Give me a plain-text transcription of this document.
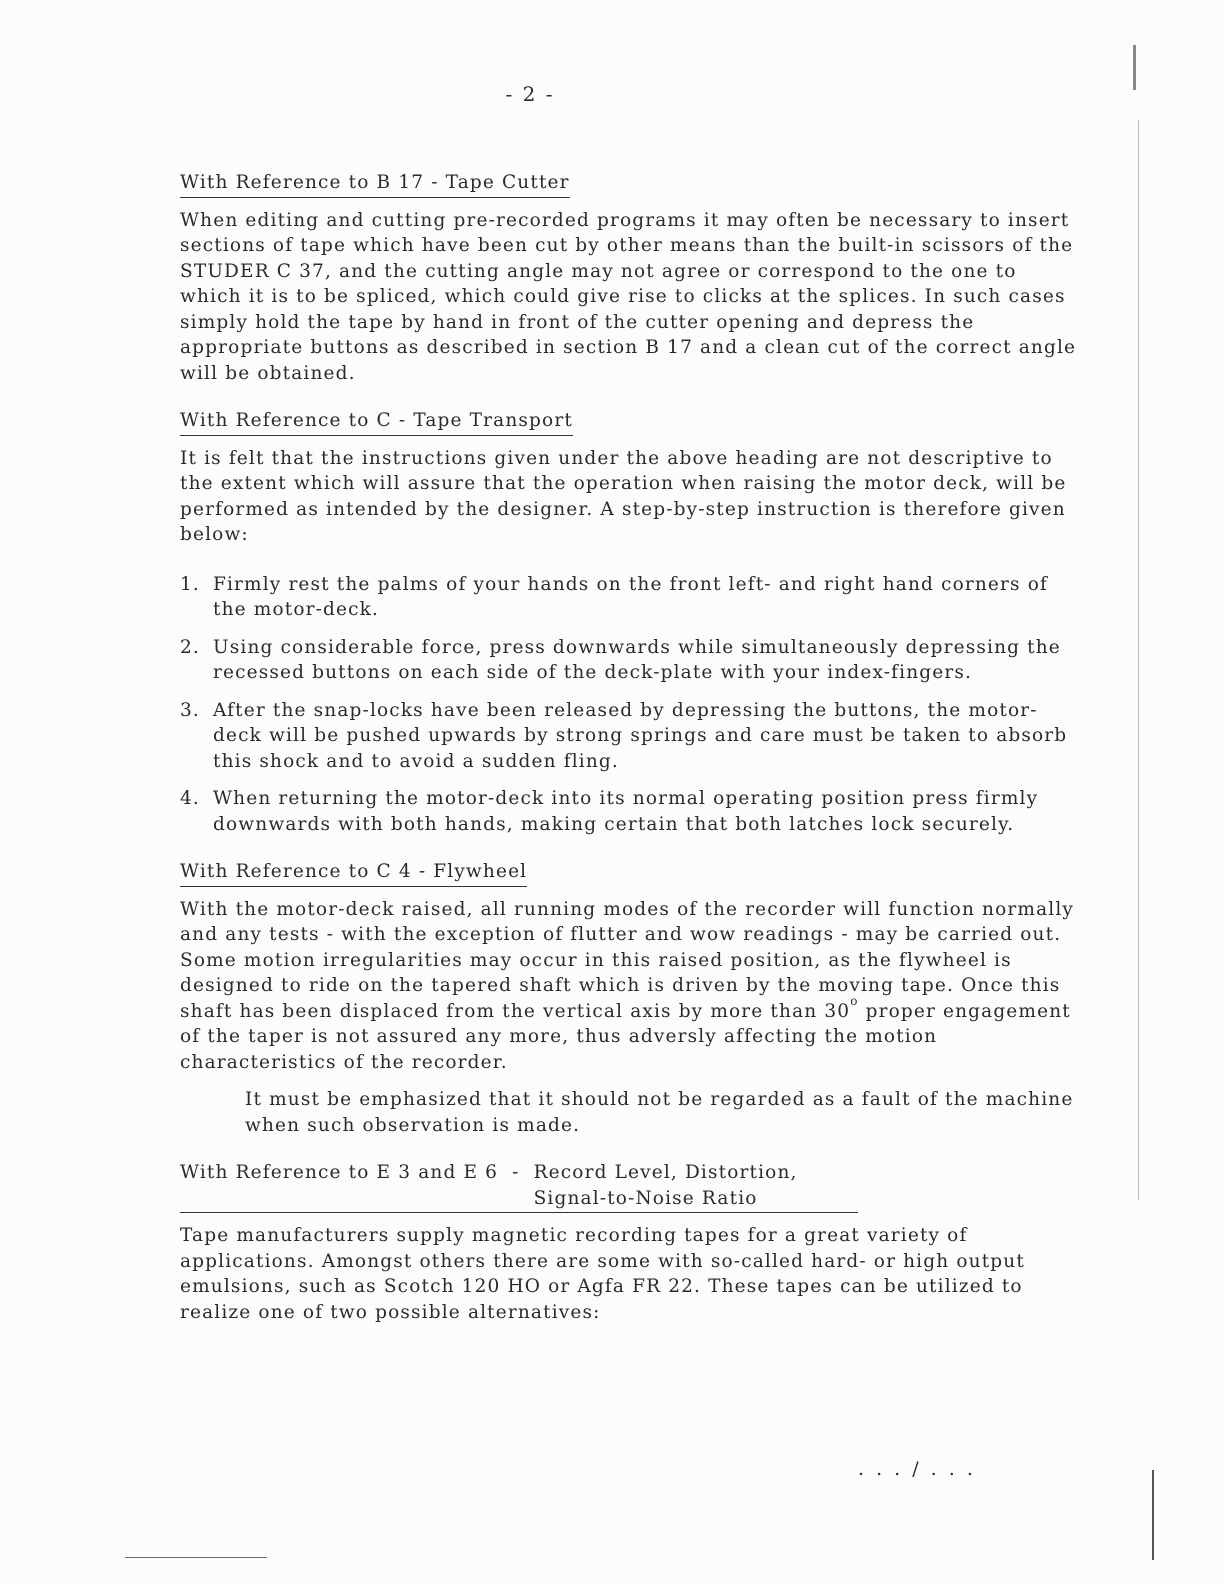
- 2 -
With Reference to B 17 - Tape Cutter

When editing and cutting pre-recorded programs it may often be necessary to insert sections of tape which have been cut by other means than the built-in scissors of the STUDER C 37, and the cutting angle may not agree or correspond to the one to which it is to be spliced, which could give rise to clicks at the splices. In such cases simply hold the tape by hand in front of the cutter opening and depress the appropriate buttons as described in section B 17 and a clean cut of the correct angle will be obtained.

With Reference to C - Tape Transport

It is felt that the instructions given under the above heading are not descriptive to the extent which will assure that the operation when raising the motor deck, will be performed as intended by the designer. A step-by-step instruction is therefore given below:

1. Firmly rest the palms of your hands on the front left- and right hand corners of the motor-deck.
2. Using considerable force, press downwards while simultaneously depressing the recessed buttons on each side of the deck-plate with your index-fingers.
3. After the snap-locks have been released by depressing the buttons, the motor-deck will be pushed upwards by strong springs and care must be taken to absorb this shock and to avoid a sudden fling.
4. When returning the motor-deck into its normal operating position press firmly downwards with both hands, making certain that both latches lock securely.
With Reference to C 4 - Flywheel

With the motor-deck raised, all running modes of the recorder will function normally and any tests - with the exception of flutter and wow readings - may be carried out. Some motion irregularities may occur in this raised position, as the flywheel is designed to ride on the tapered shaft which is driven by the moving tape. Once this shaft has been displaced from the vertical axis by more than 30$^o$ proper engagement of the taper is not assured any more, thus adversly affecting the motion characteristics of the recorder.

It must be emphasized that it should not be regarded as a fault of the machine when such observation is made.

With Reference to E 3 and E 6  -  Record Level, Distortion,
Signal-to-Noise Ratio

Tape manufacturers supply magnetic recording tapes for a great variety of applications. Amongst others there are some with so-called hard- or high output emulsions, such as Scotch 120 HO or Agfa FR 22. These tapes can be utilized to realize one of two possible alternatives:

. . . / . . .
